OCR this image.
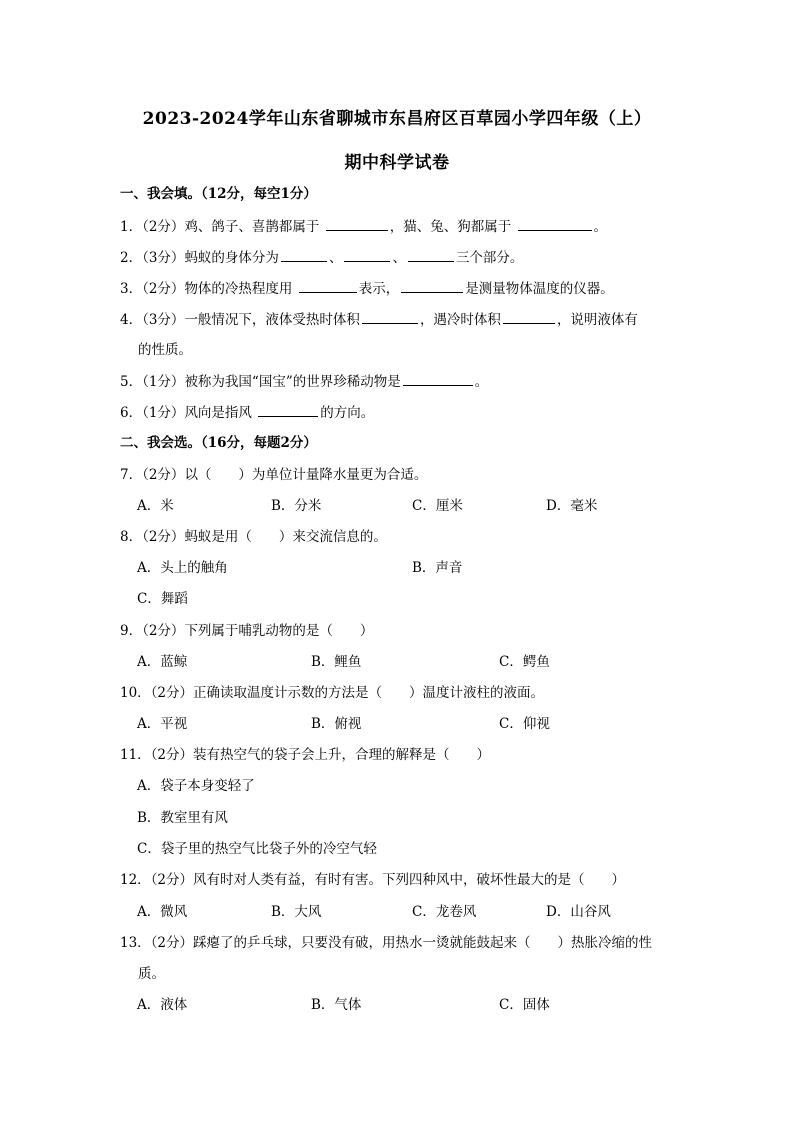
2023-2024学年山东省聊城市东昌府区百草园小学四年级（上）
期中科学试卷
一、我会填。（12分，每空1分）
1．（2分）鸡、鸽子、喜鹊都属于	，猫、兔、狗都属于	。
2．（3分）蚂蚁的身体分为	、	、	三个部分。
3．（2分）物体的冷热程度用	表示，	是测量物体温度的仪器。
4．（3分）一般情况下，液体受热时体积	，遇冷时体积	，说明液体有
的性质。
5．（1分）被称为我国“国宝”的世界珍稀动物是	。
6．（1分）风向是指风	的方向。
二、我会选。（16分，每题2分）
7．（2分）以（　　）为单位计量降水量更为合适。
A．米	B．分米	C．厘米	D．毫米
8．（2分）蚂蚁是用（　　）来交流信息的。
A．头上的触角	B．声音
C．舞蹈
9．（2分）下列属于哺乳动物的是（　　）
A．蓝鲸	B．鲤鱼	C．鳄鱼
10．（2分）正确读取温度计示数的方法是（　　）温度计液柱的液面。
A．平视	B．俯视	C．仰视
11．（2分）装有热空气的袋子会上升，合理的解释是（　　）
A．袋子本身变轻了
B．教室里有风
C．袋子里的热空气比袋子外的冷空气轻
12．（2分）风有时对人类有益，有时有害。下列四种风中，破坏性最大的是（　　）
A．微风	B．大风	C．龙卷风	D．山谷风
13．（2分）踩瘪了的乒乓球，只要没有破，用热水一烫就能鼓起来（　　）热胀冷缩的性
质。
A．液体	B．气体	C．固体
